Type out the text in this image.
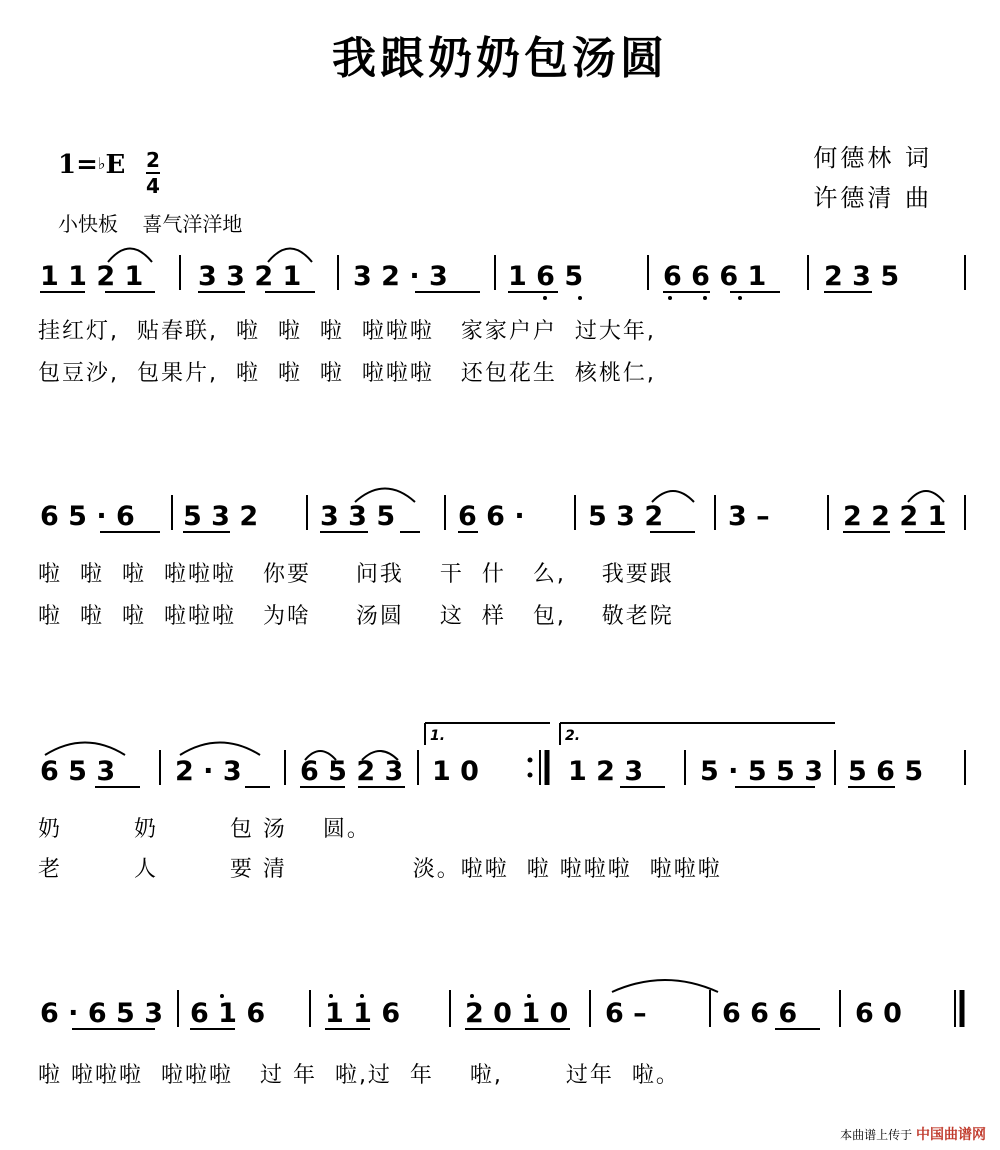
我跟奶奶包汤圆
何德林 词
许德清 曲
1=♭E 2
4
小快板 喜气洋洋地
1 1 2 1 3 3 2 1 3 2 · 3 1 6 5	6 6 6 1 2 3 5
6 5 · 6 5 3 2 3 3 5 6 6 · 5 3 2 3 –	2 2 2 1
1.	2.
6 5 3 2 · 3 6 5 2 3 1 0	1 2 3 5 · 5 5 3 5 6 5
6 · 6 5 3 6 1 6 1 1 6 2 0 1 0 6 –	6 6 6 6 0
挂红灯,  贴春联,  啦  啦  啦  啦啦啦   家家户户  过大年,
包豆沙,  包果片,  啦  啦  啦  啦啦啦   还包花生  核桃仁,
啦  啦  啦  啦啦啦   你要     问我    干  什   么,    我要跟
啦  啦  啦  啦啦啦   为啥     汤圆    这  样   包,    敬老院
奶        奶        包 汤    圆。
老        人        要 清              淡。啦啦  啦 啦啦啦  啦啦啦
啦 啦啦啦  啦啦啦   过 年  啦,过  年    啦,       过年  啦。
本曲谱上传于 中国曲谱网
